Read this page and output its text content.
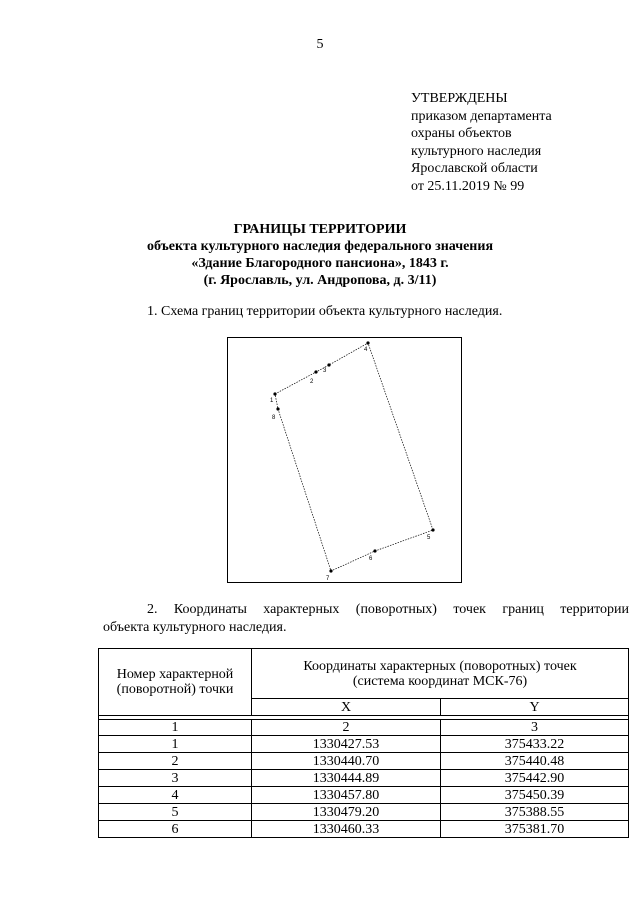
5
УТВЕРЖДЕНЫ
приказом департамента
охраны объектов
культурного наследия
Ярославской области
от 25.11.2019 № 99
ГРАНИЦЫ ТЕРРИТОРИИ
объекта культурного наследия федерального значения
«Здание Благородного пансиона», 1843 г.
(г. Ярославль, ул. Андропова, д. 3/11)
1. Схема границ территории объекта культурного наследия.
1
2
3
4
5
6
7
8
2. Координаты характерных (поворотных) точек границ территории
объекта культурного наследия.
Номер характерной (поворотной) точки	Координаты характерных (поворотных) точек
(система координат МСК-76)	

	X	Y

1	2	3
1	1330427.53	375433.22
2	1330440.70	375440.48
3	1330444.89	375442.90
4	1330457.80	375450.39
5	1330479.20	375388.55
6	1330460.33	375381.70
